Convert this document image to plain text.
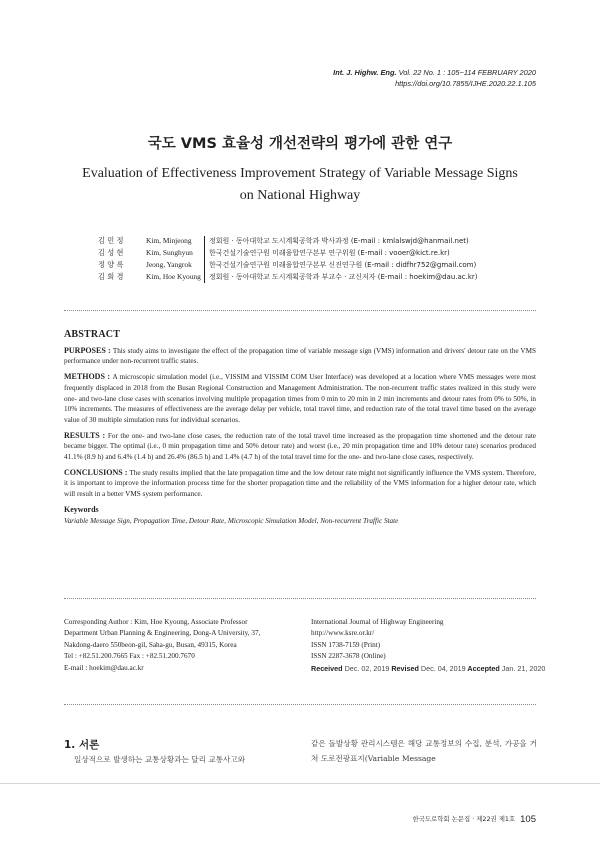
Int. J. Highw. Eng. Vol. 22 No. 1 : 105~114 FEBRUARY 2020
https://doi.org/10.7855/IJHE.2020.22.1.105
국도 VMS 효율성 개선전략의 평가에 관한 연구
Evaluation of Effectiveness Improvement Strategy of Variable Message Signs
on National Highway
김 민 정	Kim, Minjeong	정회원 · 동아대학교 도시계획공학과 박사과정 (E-mail : kmlalswjd@hanmail.net)
김 성 현	Kim, Sunghyun	한국건설기술연구원 미래융합연구본부 연구위원 (E-mail : vooer@kict.re.kr)
정 양 록	Jeong, Yangrok	한국건설기술연구원 미래융합연구본부 신진연구원 (E-mail : didfhr752@gmail.com)
김 회 경	Kim, Hoe Kyoung	정회원 · 동아대학교 도시계획공학과 부교수 · 교신저자 (E-mail : hoekim@dau.ac.kr)
ABSTRACT

PURPOSES : This study aims to investigate the effect of the propagation time of variable message sign (VMS) information and drivers' detour rate on the VMS performance under non-recurrent traffic states.

METHODS : A microscopic simulation model (i.e., VISSIM and VISSIM COM User Interface) was developed at a location where VMS messages were most frequently displaced in 2018 from the Busan Regional Construction and Management Administration. The non-recurrent traffic states realized in this study were one- and two-lane close cases with scenarios involving multiple propagation times from 0 min to 20 min in 2 min increments and detour rates from 0% to 50%, in 10% increments. The measures of effectiveness are the average delay per vehicle, total travel time, and reduction rate of the total travel time based on the average value of 30 multiple simulation runs for individual scenarios.

RESULTS : For the one- and two-lane close cases, the reduction rate of the total travel time increased as the propagation time shortened and the detour rate became bigger. The optimal (i.e., 0 min propagation time and 50% detour rate) and worst (i.e., 20 min propagation time and 10% detour rate) scenarios produced 41.1% (8.9 h) and 6.4% (1.4 h) and 26.4% (86.5 h) and 1.4% (4.7 h) of the total travel time for the one- and two-lane close cases, respectively.

CONCLUSIONS : The study results implied that the late propagation time and the low detour rate might not significantly influence the VMS system. Therefore, it is important to improve the information process time for the shorter propagation time and the reliability of the VMS information for a higher detour rate, which will result in a better VMS system performance.

Keywords
Variable Message Sign, Propagation Time, Detour Rate, Microscopic Simulation Model, Non-recurrent Traffic State
Corresponding Author : Kim, Hoe Kyoung, Associate Professor
Department Urban Planning & Engineering, Dong-A University, 37,
Nakdong-daero 550beon-gil, Saha-gu, Busan, 49315, Korea
Tel : +82.51.200.7665 Fax : +82.51.200.7670
E-mail : hoekim@dau.ac.kr
International Journal of Highway Engineering
http://www.ksre.or.kr/
ISSN 1738-7159 (Print)
ISSN 2287-3678 (Online)
Received Dec. 02, 2019 Revised Dec. 04, 2019 Accepted Jan. 21, 2020
1. 서론
일상적으로 발생하는 교통상황과는 달리 교통사고와
같은 돌발상황 관리시스템은 해당 교통정보의 수집, 분석, 가공을 거쳐 도로전광표지(Variable Message
한국도로학회 논문집 · 제22권 제1호 105
